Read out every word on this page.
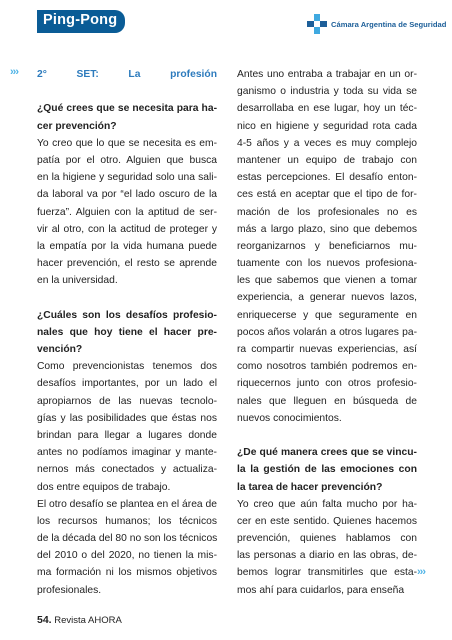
Ping-Pong	Cámara Argentina de Seguridad
››› 2° SET: La profesión
¿Qué crees que se necesita para ha-
cer prevención?
Yo creo que lo que se necesita es em-
patía por el otro. Alguien que busca
en la higiene y seguridad solo una sali-
da laboral va por “el lado oscuro de la
fuerza”. Alguien con la aptitud de ser-
vir al otro, con la actitud de proteger y
la empatía por la vida humana puede
hacer prevención, el resto se aprende
en la universidad.
¿Cuáles son los desafíos profesio-
nales que hoy tiene el hacer pre-
vención?
Como prevencionistas tenemos dos
desafíos importantes, por un lado el
apropiarnos de las nuevas tecnolo-
gías y las posibilidades que éstas nos
brindan para llegar a lugares donde
antes no podíamos imaginar y mante-
nernos más conectados y actualiza-
dos entre equipos de trabajo.
El otro desafío se plantea en el área de
los recursos humanos; los técnicos
de la década del 80 no son los técnicos
del 2010 o del 2020, no tienen la mis-
ma formación ni los mismos objetivos
profesionales.
Antes uno entraba a trabajar en un or-
ganismo o industria y toda su vida se
desarrollaba en ese lugar, hoy un téc-
nico en higiene y seguridad rota cada
4-5 años y a veces es muy complejo
mantener un equipo de trabajo con
estas percepciones. El desafío enton-
ces está en aceptar que el tipo de for-
mación de los profesionales no es
más a largo plazo, sino que debemos
reorganizarnos y beneficiarnos mu-
tuamente con los nuevos profesiona-
les que sabemos que vienen a tomar
experiencia, a generar nuevos lazos,
enriquecerse y que seguramente en
pocos años volarán a otros lugares pa-
ra compartir nuevas experiencias, así
como nosotros también podremos en-
riquecernos junto con otros profesio-
nales que lleguen en búsqueda de
nuevos conocimientos.
¿De qué manera crees que se vincu-
la la gestión de las emociones con
la tarea de hacer prevención?
Yo creo que aún falta mucho por ha-
cer en este sentido. Quienes hacemos
prevención, quienes hablamos con
las personas a diario en las obras, de-
bemos lograr transmitirles que esta-
mos ahí para cuidarlos, para enseña
›››
54. Revista AHORA
